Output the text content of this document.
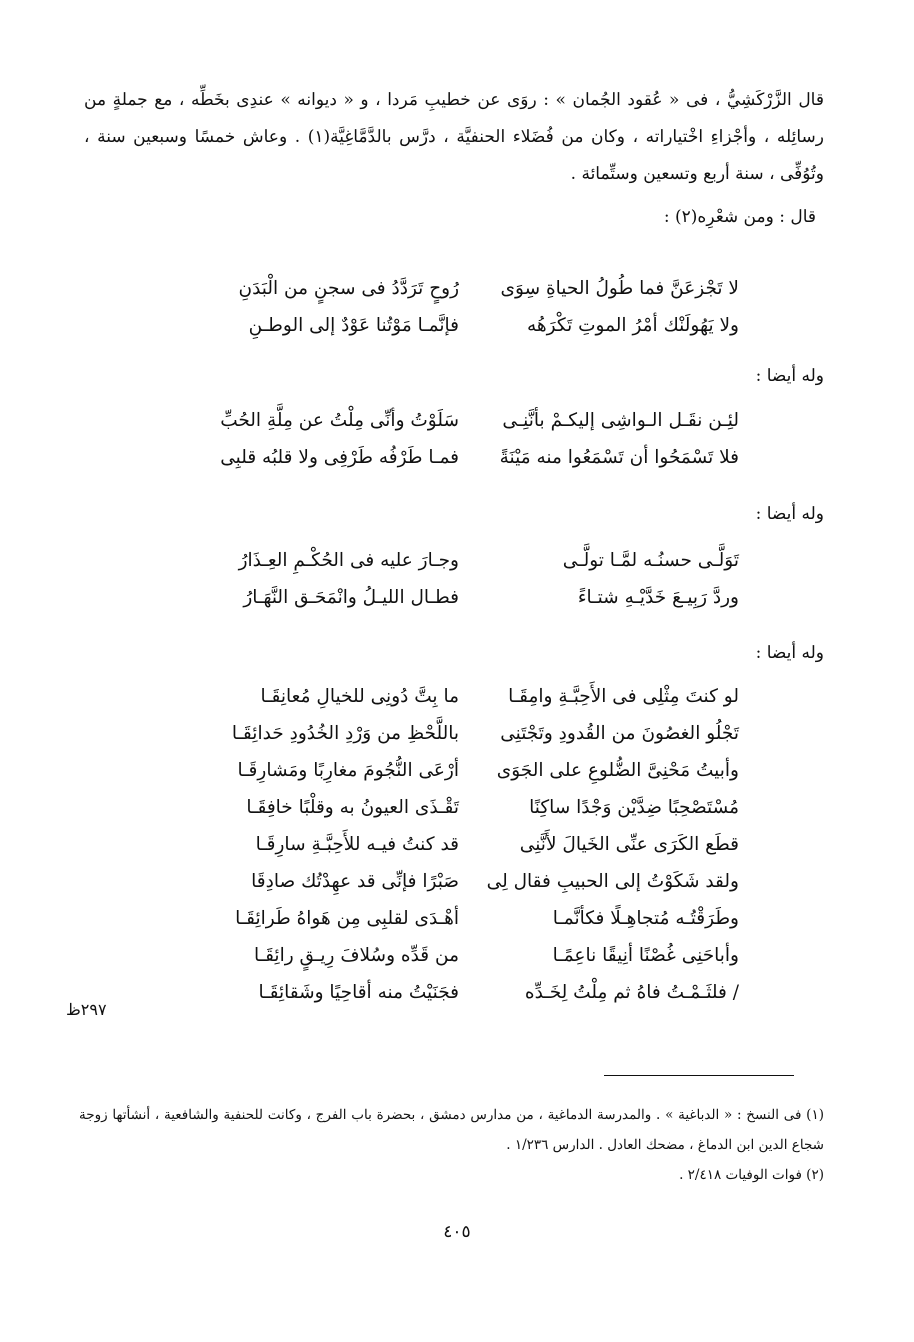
قال الزَّرْكَشِيُّ ، فى « عُقود الجُمان » : روَى عن خطيبِ مَردا ، و « ديوانه » عندِى بخَطِّه ، مع جملةٍ من رسائِله ، وأجْزاءِ اخْتياراته ، وكان من فُضَلاء الحنفيَّة ، درَّس بالدَّمَّاغِيَّة(١) . وعاش خمسًا وسبعين سنة ، وتُوُفِّى ، سنة أربع وتسعين وستِّمائة .

قال : ومن شعْرِه(٢) :

لا تَجْزعَنَّ فما طُولُ الحياةِ سِوَى
رُوحٍ تَرَدَّدُ فى سجنٍ من الْبَدَنِ
ولا يَهُولَنْك أمْرُ الموتِ تَكْرَهُه
فإنَّمـا مَوْتُنا عَوْدٌ إلى الوطـنِ
وله أيضا :
لئِـن نقَـل الـواشِى إليكـمْ بأنَّنِـى
سَلَوْتُ وأنِّى مِلْتُ عن مِلَّةِ الحُبِّ
فلا تَسْمَحُوا أن تَسْمَعُوا منه مَيْنَةً
فمـا طَرْفُه طَرْفِى ولا قلبُه قلبِى
وله أيضا :
تَوَلَّـى حسنُـه لمَّـا تولَّـى
وجـارَ عليه فى الحُكْـمِ العِـذَارُ
وردَّ رَبِيـعَ خَدَّيْـهِ شتـاءً
فطـال الليـلُ وانْمَحَـق النَّهَـارُ
وله أيضا :
لو كنتَ مِثْلِى فى الأَحِبَّـةِ وامِقَـا
ما بِتَّ دُونِى للخيالِ مُعانِقَـا
تَجْلُو الغصُونَ من القُدودِ وتَجْتَنِى
باللَّحْظِ من وَرْدِ الخُدُودِ حَدائِقَـا
وأبيتُ مَحْنِىَّ الضُّلوعِ على الجَوَى
أرْعَى النُّجُومَ مغارِبًا ومَشارِقَـا
مُسْتَصْحِبًا ضِدَّيْن وَجْدًا ساكِنًا
تَقْـذَى العيونُ به وقلْبًا خافِقَـا
قطَع الكَرَى عنِّى الخَيالَ لأَنَّنِى
قد كنتُ فيـه للأَحِبَّـةِ سارِقَـا
ولقد شَكَوْتُ إلى الحبيبِ فقال لِى
صَبْرًا فإنِّى قد عهِدْتُك صادِقَا
وطَرَقْتُـه مُتجاهِـلًا فكأنَّمـا
أهْـدَى لقلبِى مِن هَواهُ طَرائِقَـا
وأباحَنِى غُصْنًا أنِيقًا ناعِمًـا
من قَدِّه وسُلافَ رِيـقٍ رائِقَـا
/ فلثَـمْـتُ فاهُ ثم مِلْتُ لِخَـدِّه
فجَنَيْتُ منه أقاحِيًا وشَقائِقَـا
٢٩٧ظ

(١) فى النسخ : « الدباغية » . والمدرسة الدماغية ، من مدارس دمشق ، بحضرة باب الفرج ، وكانت للحنفية والشافعية ، أنشأتها زوجة شجاع الدين ابن الدماغ ، مضحك العادل . الدارس ١/٢٣٦ .

(٢) فوات الوفيات ٢/٤١٨ .

٤٠٥
